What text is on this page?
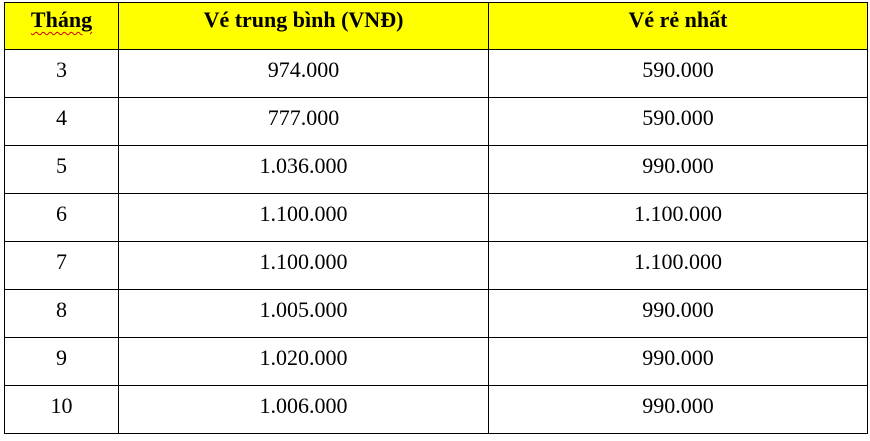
Tháng	Vé trung bình (VNĐ)	Vé rẻ nhất
3	974.000	590.000
4	777.000	590.000
5	1.036.000	990.000
6	1.100.000	1.100.000
7	1.100.000	1.100.000
8	1.005.000	990.000
9	1.020.000	990.000
10	1.006.000	990.000
